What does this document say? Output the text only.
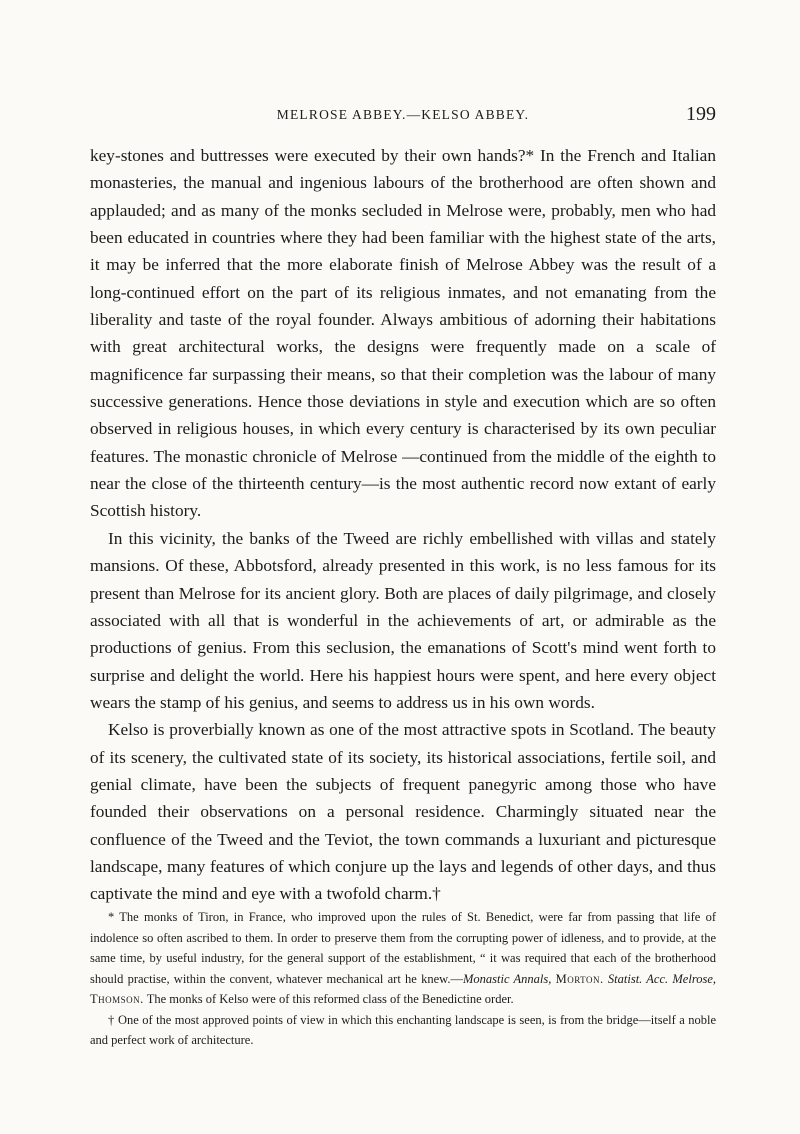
MELROSE ABBEY.—KELSO ABBEY.	199

key-stones and buttresses were executed by their own hands?* In the French and Italian monasteries, the manual and ingenious labours of the brotherhood are often shown and applauded; and as many of the monks secluded in Melrose were, probably, men who had been educated in countries where they had been familiar with the highest state of the arts, it may be inferred that the more elaborate finish of Melrose Abbey was the result of a long-continued effort on the part of its religious inmates, and not emanating from the liberality and taste of the royal founder. Always ambitious of adorning their habitations with great architectural works, the designs were frequently made on a scale of magnificence far surpassing their means, so that their completion was the labour of many successive generations. Hence those deviations in style and execution which are so often observed in religious houses, in which every century is characterised by its own peculiar features. The monastic chronicle of Melrose —continued from the middle of the eighth to near the close of the thirteenth century—is the most authentic record now extant of early Scottish history.

In this vicinity, the banks of the Tweed are richly embellished with villas and stately mansions. Of these, Abbotsford, already presented in this work, is no less famous for its present than Melrose for its ancient glory. Both are places of daily pilgrimage, and closely associated with all that is wonderful in the achievements of art, or admirable as the productions of genius. From this seclusion, the emanations of Scott's mind went forth to surprise and delight the world. Here his happiest hours were spent, and here every object wears the stamp of his genius, and seems to address us in his own words.

Kelso is proverbially known as one of the most attractive spots in Scotland. The beauty of its scenery, the cultivated state of its society, its historical associations, fertile soil, and genial climate, have been the subjects of frequent panegyric among those who have founded their observations on a personal residence. Charmingly situated near the confluence of the Tweed and the Teviot, the town commands a luxuriant and picturesque landscape, many features of which conjure up the lays and legends of other days, and thus captivate the mind and eye with a twofold charm.†

* The monks of Tiron, in France, who improved upon the rules of St. Benedict, were far from passing that life of indolence so often ascribed to them. In order to preserve them from the corrupting power of idleness, and to provide, at the same time, by useful industry, for the general support of the establishment, “ it was required that each of the brotherhood should practise, within the convent, whatever mechanical art he knew.—Monastic Annals, Morton. Statist. Acc. Melrose, Thomson. The monks of Kelso were of this reformed class of the Benedictine order.

† One of the most approved points of view in which this enchanting landscape is seen, is from the bridge—itself a noble and perfect work of architecture.
